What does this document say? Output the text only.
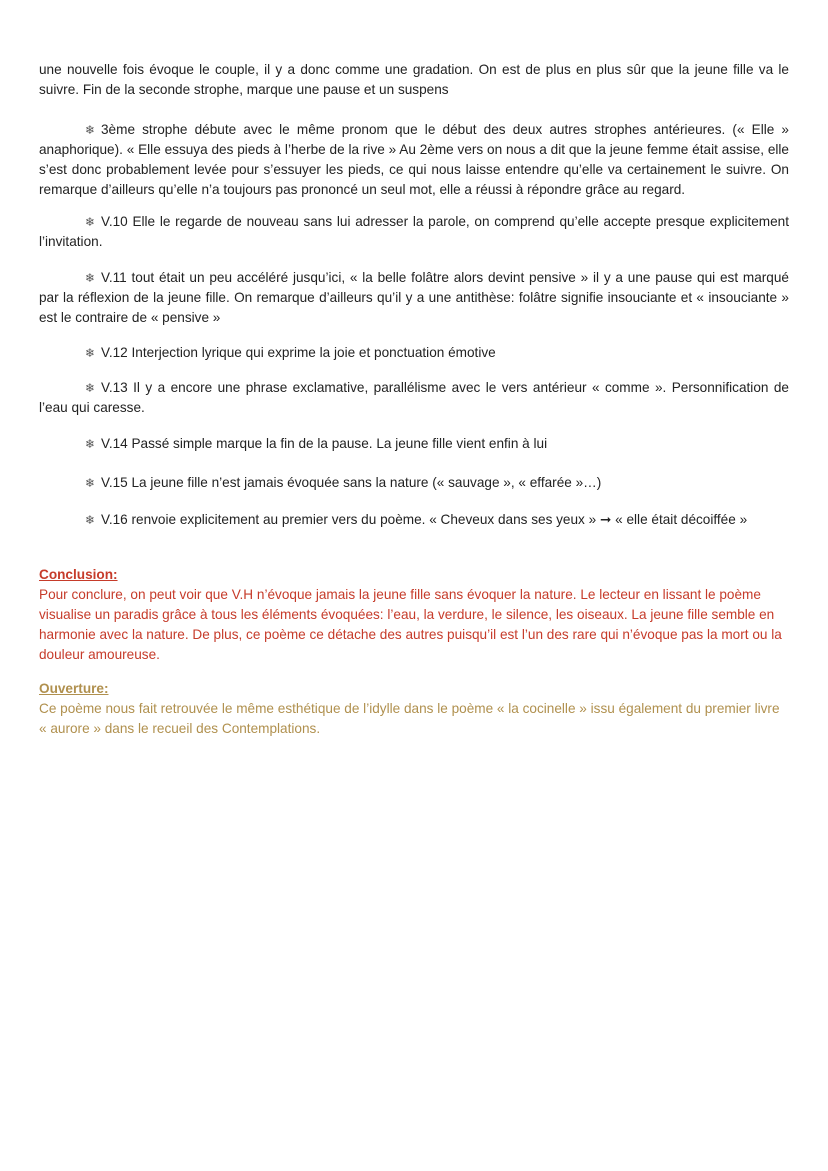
une nouvelle fois évoque le couple, il y a donc comme une gradation. On est de plus en plus sûr que la jeune fille va le suivre. Fin de la seconde strophe, marque une pause et un suspens

❄ 3ème strophe débute avec le même pronom que le début des deux autres strophes antérieures. (« Elle » anaphorique). « Elle essuya des pieds à l’herbe de la rive » Au 2ème vers on nous a dit que la jeune femme était assise, elle s’est donc probablement levée pour s’essuyer les pieds, ce qui nous laisse entendre qu’elle va certainement le suivre. On remarque d’ailleurs qu’elle n’a toujours pas prononcé un seul mot, elle a réussi à répondre grâce au regard.

❄ V.10 Elle le regarde de nouveau sans lui adresser la parole, on comprend qu’elle accepte presque explicitement l’invitation.

❄ V.11 tout était un peu accéléré jusqu’ici, « la belle folâtre alors devint pensive » il y a une pause qui est marqué par la réflexion de la jeune fille. On remarque d’ailleurs qu’il y a une antithèse: folâtre signifie insouciante et « insouciante » est le contraire de « pensive »

❄ V.12 Interjection lyrique qui exprime la joie et ponctuation émotive

❄ V.13 Il y a encore une phrase exclamative, parallélisme avec le vers antérieur « comme ». Personnification de l’eau qui caresse.

❄ V.14 Passé simple marque la fin de la pause. La jeune fille vient enfin à lui

❄ V.15 La jeune fille n’est jamais évoquée sans la nature (« sauvage », « effarée »…)

❄ V.16 renvoie explicitement au premier vers du poème. « Cheveux dans ses yeux » ➞ « elle était décoiffée »

Conclusion:
Pour conclure, on peut voir que V.H n’évoque jamais la jeune fille sans évoquer la nature. Le lecteur en lissant le poème visualise un paradis grâce à tous les éléments évoquées: l’eau, la verdure, le silence, les oiseaux. La jeune fille semble en harmonie avec la nature. De plus, ce poème ce détache des autres puisqu’il est l’un des rare qui n’évoque pas la mort ou la douleur amoureuse.
Ouverture:
Ce poème nous fait retrouvée le même esthétique de l’idylle dans le poème « la cocinelle » issu également du premier livre « aurore » dans le recueil des Contemplations.
